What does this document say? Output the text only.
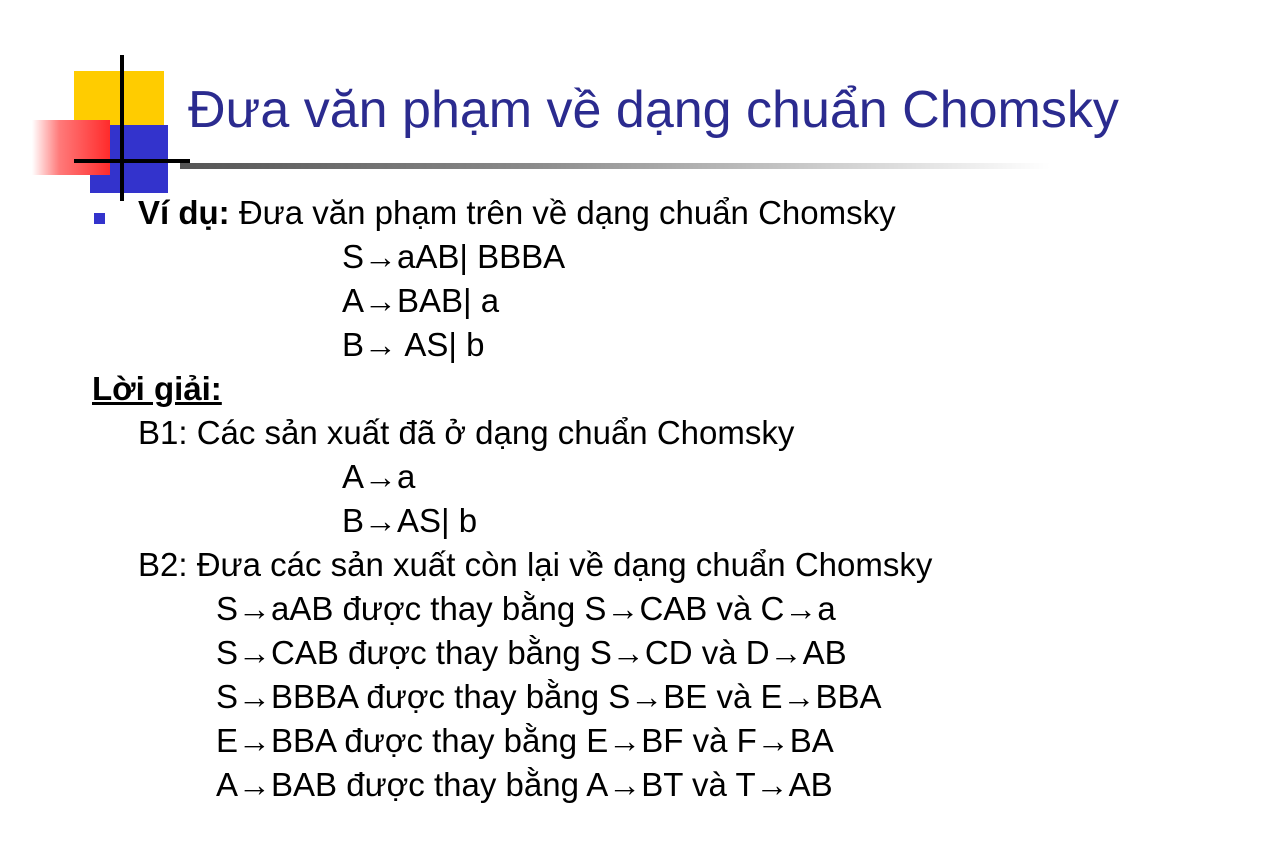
Đưa văn phạm về dạng chuẩn Chomsky
Ví dụ: Đưa văn phạm trên về dạng chuẩn Chomsky
S→aAB| BBBA
A→BAB| a
B→ AS| b
Lời giải:
B1: Các sản xuất đã ở dạng chuẩn Chomsky
A→a
B→AS| b
B2: Đưa các sản xuất còn lại về dạng chuẩn Chomsky
S→aAB được thay bằng S→CAB và C→a
S→CAB được thay bằng S→CD và D→AB
S→BBBA được thay bằng S→BE và E→BBA
E→BBA được thay bằng E→BF và F→BA
A→BAB được thay bằng A→BT và T→AB
